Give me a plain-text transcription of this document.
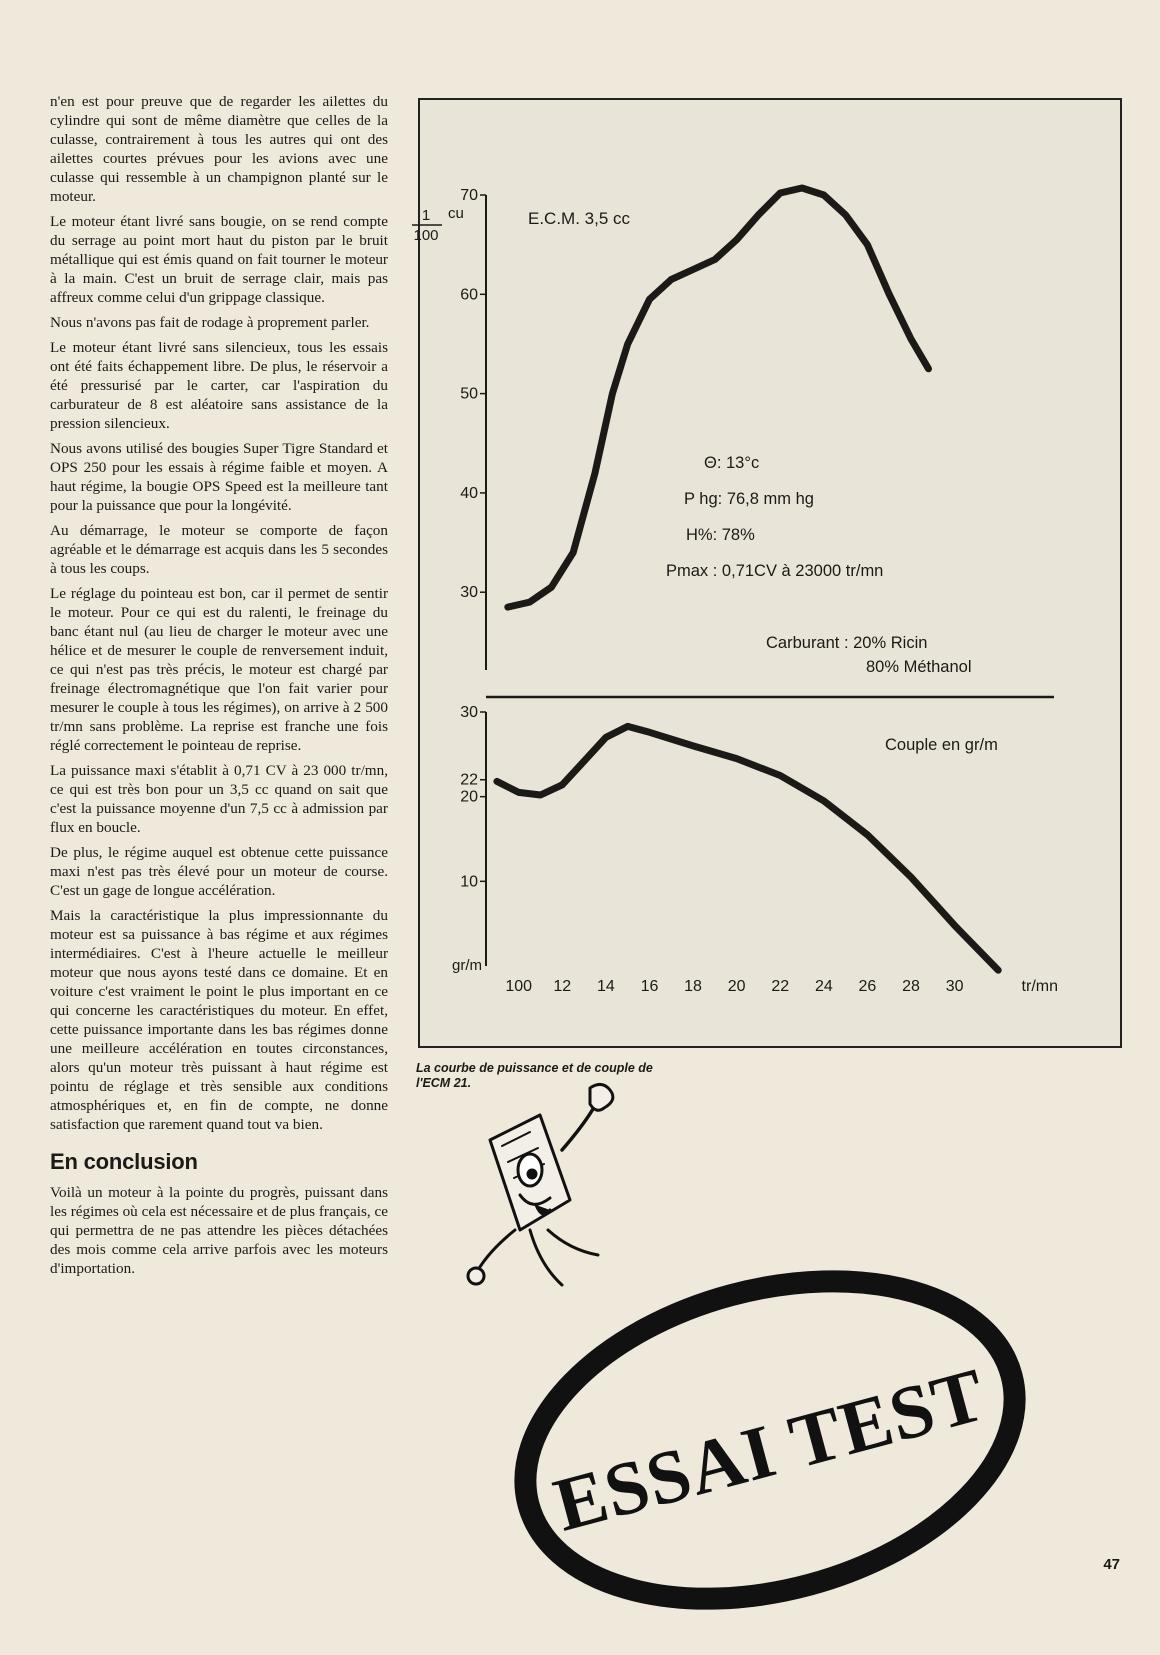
n'en est pour preuve que de regarder les ailettes du cylindre qui sont de même diamètre que celles de la culasse, contrairement à tous les autres qui ont des ailettes courtes prévues pour les avions avec une culasse qui ressemble à un champignon planté sur le moteur.

Le moteur étant livré sans bougie, on se rend compte du serrage au point mort haut du piston par le bruit métallique qui est émis quand on fait tourner le moteur à la main. C'est un bruit de serrage clair, mais pas affreux comme celui d'un grippage classique.

Nous n'avons pas fait de rodage à proprement parler.

Le moteur étant livré sans silencieux, tous les essais ont été faits échappement libre. De plus, le réservoir a été pressurisé par le carter, car l'aspiration du carburateur de 8 est aléatoire sans assistance de la pression silencieux.

Nous avons utilisé des bougies Super Tigre Standard et OPS 250 pour les essais à régime faible et moyen. A haut régime, la bougie OPS Speed est la meilleure tant pour la puissance que pour la longévité.

Au démarrage, le moteur se comporte de façon agréable et le démarrage est acquis dans les 5 secondes à tous les coups.

Le réglage du pointeau est bon, car il permet de sentir le moteur. Pour ce qui est du ralenti, le freinage du banc étant nul (au lieu de charger le moteur avec une hélice et de mesurer le couple de renversement induit, ce qui n'est pas très précis, le moteur est chargé par freinage électromagnétique que l'on fait varier pour mesurer le couple à tous les régimes), on arrive à 2 500 tr/mn sans problème. La reprise est franche une fois réglé correctement le pointeau de reprise.

La puissance maxi s'établit à 0,71 CV à 23 000 tr/mn, ce qui est très bon pour un 3,5 cc quand on sait que c'est la puissance moyenne d'un 7,5 cc à admission par flux en boucle.

De plus, le régime auquel est obtenue cette puissance maxi n'est pas très élevé pour un moteur de course. C'est un gage de longue accélération.

Mais la caractéristique la plus impressionnante du moteur est sa puissance à bas régime et aux régimes intermédiaires. C'est à l'heure actuelle le meilleur moteur que nous ayons testé dans ce domaine. Et en voiture c'est vraiment le point le plus important en ce qui concerne les caractéristiques du moteur. En effet, cette puissance importante dans les bas régimes donne une meilleure accélération en toutes circonstances, alors qu'un moteur très puissant à haut régime est pointu de réglage et très sensible aux conditions atmosphériques et, en fin de compte, ne donne satisfaction que rarement quand tout va bien.

En conclusion

Voilà un moteur à la pointe du progrès, puissant dans les régimes où cela est nécessaire et de plus français, ce qui permettra de ne pas attendre les pièces détachées des mois comme cela arrive parfois avec les moteurs d'importation.

30
40
50
60
70
30
22
20
10
100 12 14 16 18 20 22 24 26 28 30
E.C.M. 3,5 cc
1
100
cu
Θ: 13°c
P hg: 76,8 mm hg
H%: 78%
Pmax : 0,71CV à 23000 tr/mn
Carburant : 20% Ricin
80% Méthanol
Couple en gr/m
gr/m
tr/mn
La courbe de puissance et de couple de l'ECM 21.
ESSAI TEST
47
